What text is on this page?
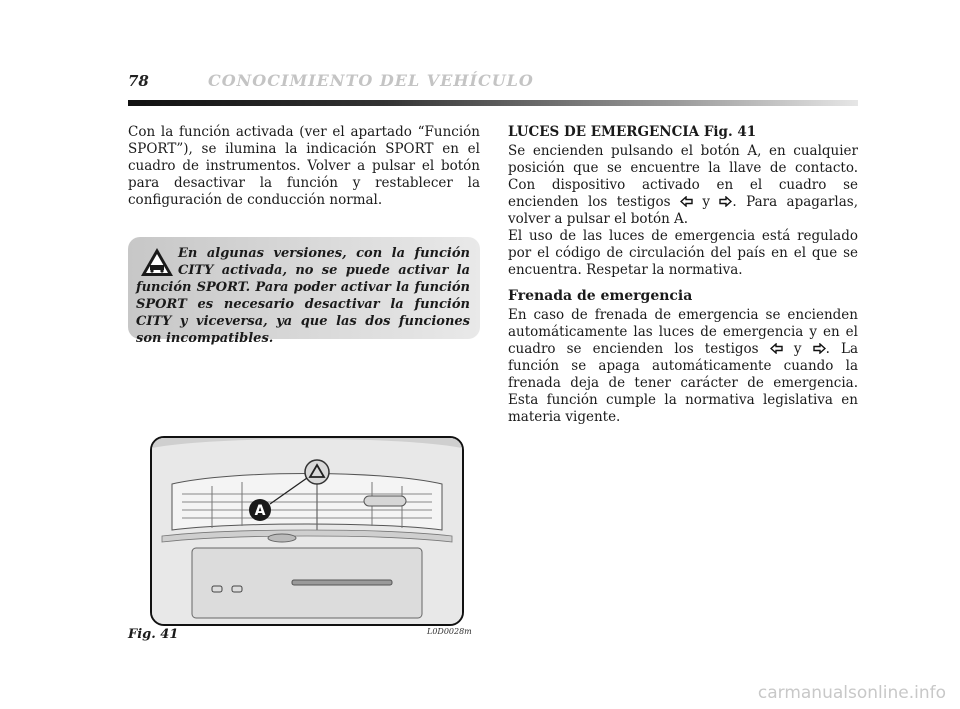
78	CONOCIMIENTO DEL VEHÍCULO

Con la función activada (ver el apartado “Función SPORT”), se ilumina la indicación SPORT en el cuadro de instrumentos. Volver a pulsar el botón para desactivar la función y restablecer la configuración de conducción normal.

En algunas versiones, con la función CITY activada, no se puede activar la función SPORT. Para poder activar la función SPORT es necesario desactivar la función CITY y viceversa, ya que las dos funciones son incompatibles.

LUCES DE EMERGENCIA Fig. 41

Se encienden pulsando el botón A, en cualquier posición que se encuentre la llave de contacto. Con dispositivo activado en el cuadro se encienden los testigos y . Para apagarlas, volver a pulsar el botón A.

El uso de las luces de emergencia está regulado por el código de circulación del país en el que se encuentra. Respetar la normativa.

Frenada de emergencia

En caso de frenada de emergencia se encienden automáticamente las luces de emergencia y en el cuadro se encienden los testigos	y . La función se apaga automáticamente cuando la frenada deja de tener carácter de emergencia. Esta función cumple la normativa legislativa en materia vigente.

A
Fig. 41	L0D0028m
carmanualsonline.info
